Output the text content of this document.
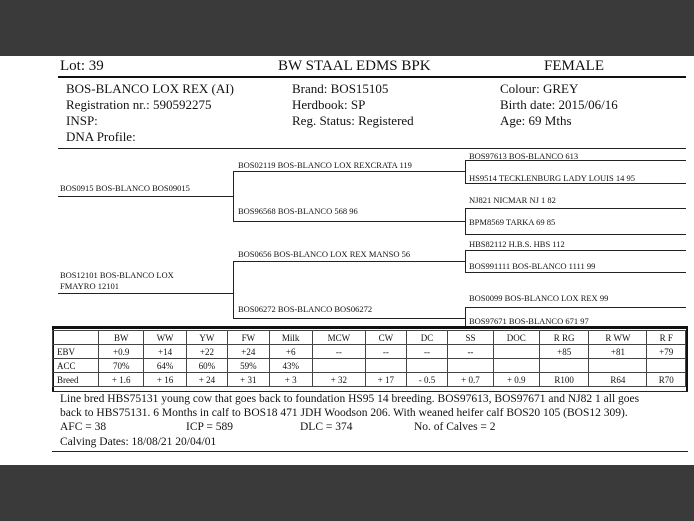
Lot: 39	BW STAAL EDMS BPK	FEMALE
BOS-BLANCO LOX REX (AI)
Registration nr.: 590592275
INSP:
DNA Profile:
Brand: BOS15105
Herdbook: SP
Reg. Status: Registered
Colour: GREY
Birth date: 2015/06/16
Age: 69 Mths
BOS0915 BOS-BLANCO BOS09015
BOS12101 BOS-BLANCO LOX
FMAYRO 12101
BOS02119 BOS-BLANCO LOX REXCRATA 119
BOS96568 BOS-BLANCO 568 96
BOS0656 BOS-BLANCO LOX REX MANSO 56
BOS06272 BOS-BLANCO BOS06272
BOS97613 BOS-BLANCO 613
HS9514 TECKLENBURG LADY LOUIS 14 95
NJ821 NICMAR NJ 1 82
BPM8569 TARKA 69 85
HBS82112 H.B.S. HBS 112
BOS991111 BOS-BLANCO 1111 99
BOS0099 BOS-BLANCO LOX REX 99
BOS97671 BOS-BLANCO 671 97
	BW	WW	YW	FW	Milk	MCW	CW	DC	SS	DOC	R RG	R WW	R F
EBV	+0.9	+14	+22	+24	+6	--	--	--	--		+85	+81	+79
ACC	70%	64%	60%	59%	43%								
Breed	+ 1.6	+ 16	+ 24	+ 31	+ 3	+ 32	+ 17	- 0.5	+ 0.7	+ 0.9	R100	R64	R70
Line bred HBS75131 young cow that goes back to foundation HS95 14 breeding. BOS97613, BOS97671 and NJ82 1 all goes
back to HBS75131. 6 Months in calf to BOS18 471 JDH Woodson 206. With weaned heifer calf BOS20 105 (BOS12 309).
AFC = 38	ICP = 589	DLC = 374	No. of Calves = 2
Calving Dates: 18/08/21 20/04/01
